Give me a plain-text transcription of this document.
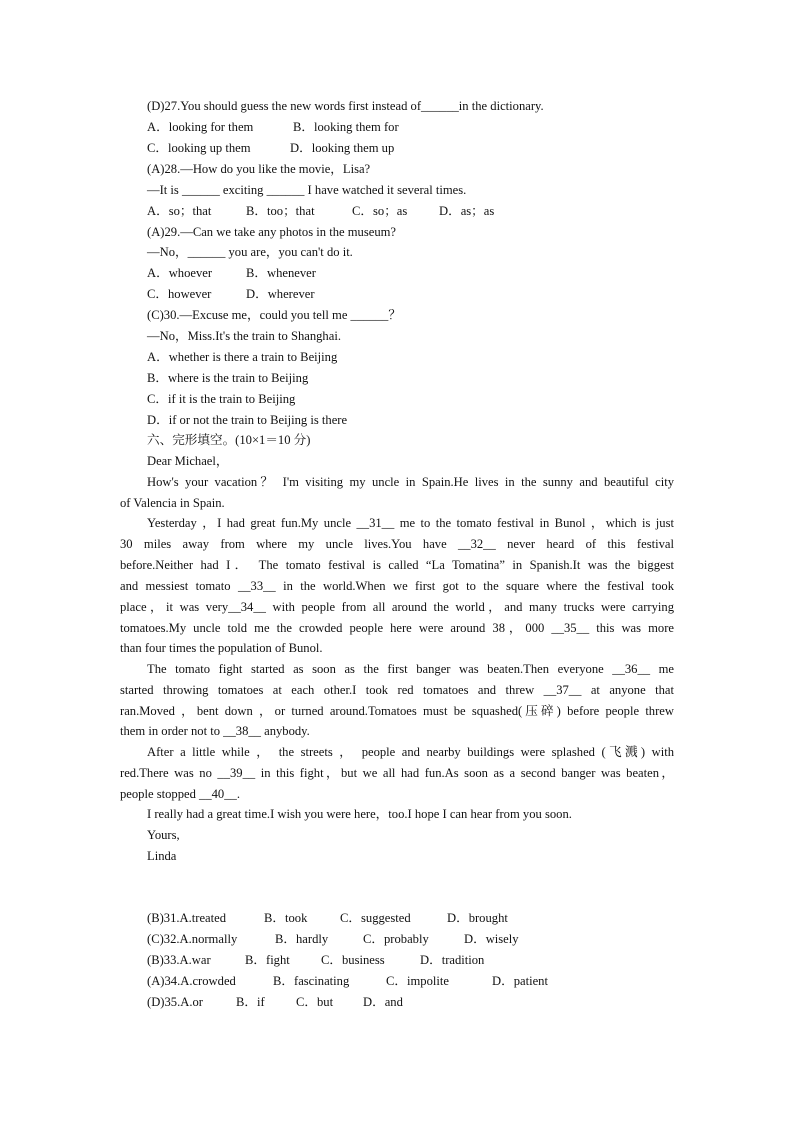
(D)27.You should guess the new words first instead of______in the dictionary.
A．looking for them	B．looking them for
C．looking up them	D．looking them up
(A)28.—How do you like the movie，Lisa?
—It is ______ exciting ______ I have watched it several times.
A．so；that	B．too；that	C．so；as	D．as；as
(A)29.—Can we take any photos in the museum?
—No，______ you are，you can't do it.
A．whoever	B．whenever
C．however	D．wherever
(C)30.—Excuse me，could you tell me ______？
—No，Miss.It's the train to Shanghai.
A．whether is there a train to Beijing
B．where is the train to Beijing
C．if it is the train to Beijing
D．if or not the train to Beijing is there
六、完形填空。(10×1＝10 分)
Dear Michael，
How's your vacation？ I'm visiting my uncle in Spain.He lives in the sunny and beautiful city
of Valencia in Spain.
Yesterday ，I had great fun.My uncle __31__ me to the tomato festival in Bunol ，which is just
30 miles away from where my uncle lives.You have __32__ never heard of this festival
before.Neither had I． The tomato festival is called “La Tomatina” in Spanish.It was the biggest
and messiest tomato __33__ in the world.When we first got to the square where the festival took
place，it was very__34__ with people from all around the world，and many trucks were carrying
tomatoes.My uncle told me the crowded people here were around 38，000 __35__ this was more
than four times the population of Bunol.
The tomato fight started as soon as the first banger was beaten.Then everyone __36__ me
started throwing tomatoes at each other.I took red tomatoes and threw __37__ at anyone that
ran.Moved ，bent down ，or turned around.Tomatoes must be squashed(压碎) before people threw
them in order not to __38__ anybody.
After a little while ， the streets ， people and nearby buildings were splashed (飞溅) with
red.There was no __39__ in this fight，but we all had fun.As soon as a second banger was beaten，
people stopped __40__.
I really had a great time.I wish you were here，too.I hope I can hear from you soon.
Yours,
Linda
(B)31.A.treated	B．took	C．suggested	D．brought
(C)32.A.normally	B．hardly	C．probably	D．wisely
(B)33.A.war	B．fight C．business	D．tradition
(A)34.A.crowded	B．fascinating	C．impolite	D．patient
(D)35.A.or	B．if C．but D．and
